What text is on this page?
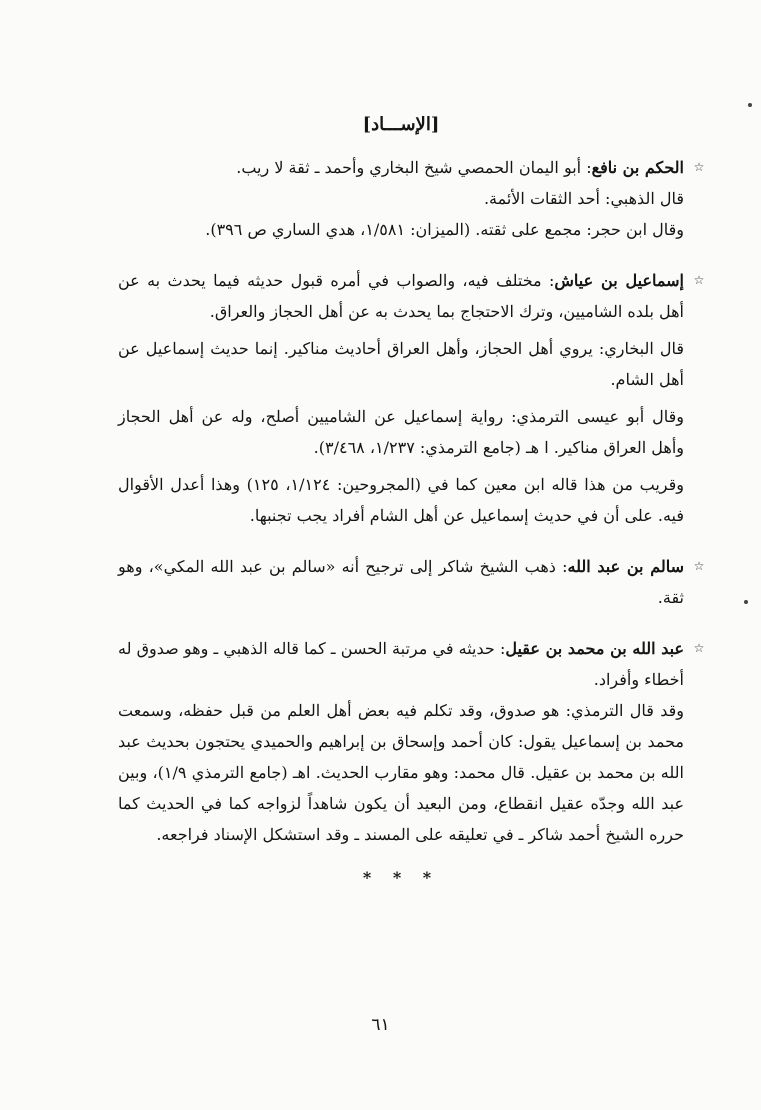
[الإســـاد]
☆

الحكم بن نافع: أبو اليمان الحمصي شيخ البخاري وأحمد ـ ثقة لا ريب.

قال الذهبي: أحد الثقات الأئمة.

وقال ابن حجر: مجمع على ثقته. (الميزان: ١/٥٨١، هدي الساري ص ٣٩٦).

☆

إسماعيل بن عياش: مختلف فيه، والصواب في أمره قبول حديثه فيما يحدث به عن أهل بلده الشاميين، وترك الاحتجاج بما يحدث به عن أهل الحجاز والعراق.

قال البخاري: يروي أهل الحجاز، وأهل العراق أحاديث مناكير. إنما حديث إسماعيل عن أهل الشام.

وقال أبو عيسى الترمذي: رواية إسماعيل عن الشاميين أصلح، وله عن أهل الحجاز وأهل العراق مناكير. ا هـ (جامع الترمذي: ١/٢٣٧، ٣/٤٦٨).

وقريب من هذا قاله ابن معين كما في (المجروحين: ١/١٢٤، ١٢٥) وهذا أعدل الأقوال فيه. على أن في حديث إسماعيل عن أهل الشام أفراد يجب تجنبها.

☆

سالم بن عبد الله: ذهب الشيخ شاكر إلى ترجيح أنه «سالم بن عبد الله المكي»، وهو ثقة.

☆

عبد الله بن محمد بن عقيل: حديثه في مرتبة الحسن ـ كما قاله الذهبي ـ وهو صدوق له أخطاء وأفراد.

وقد قال الترمذي: هو صدوق، وقد تكلم فيه بعض أهل العلم من قبل حفظه، وسمعت محمد بن إسماعيل يقول: كان أحمد وإسحاق بن إبراهيم والحميدي يحتجون بحديث عبد الله بن محمد بن عقيل. قال محمد: وهو مقارب الحديث. اهـ (جامع الترمذي ١/٩)، وبين عبد الله وجدّه عقيل انقطاع، ومن البعيد أن يكون شاهداً لزواجه كما في الحديث كما حرره الشيخ أحمد شاكر ـ في تعليقه على المسند ـ وقد استشكل الإسناد فراجعه.

* * *
٦١
